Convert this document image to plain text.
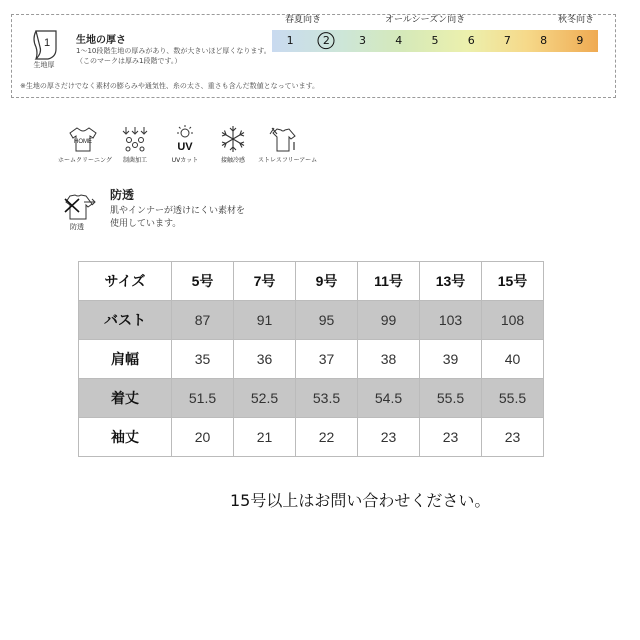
1
生地厚
生地の厚さ
1～10段階生地の厚みがあり、数が大きいほど厚くなります。
（このマークは厚み1段階です。）
※生地の厚さだけでなく素材の膨らみや通気性、糸の太さ、重さも含んだ数値となっています。
春夏向き	オールシーズン向き	秋冬向き
1	2	3	4	5	6	7	8	9
HOME
ホームクリーニング	制菌加工
UV
UVカット	接触冷感	ストレスフリーアーム
防透
防透
肌やインナーが透けにくい素材を
使用しています。
サイズ	5号	7号	9号	11号	13号	15号
バスト	87	91	95	99	103	108
肩幅	35	36	37	38	39	40
着丈	51.5	52.5	53.5	54.5	55.5	55.5
袖丈	20	21	22	23	23	23
15号以上はお問い合わせください。
